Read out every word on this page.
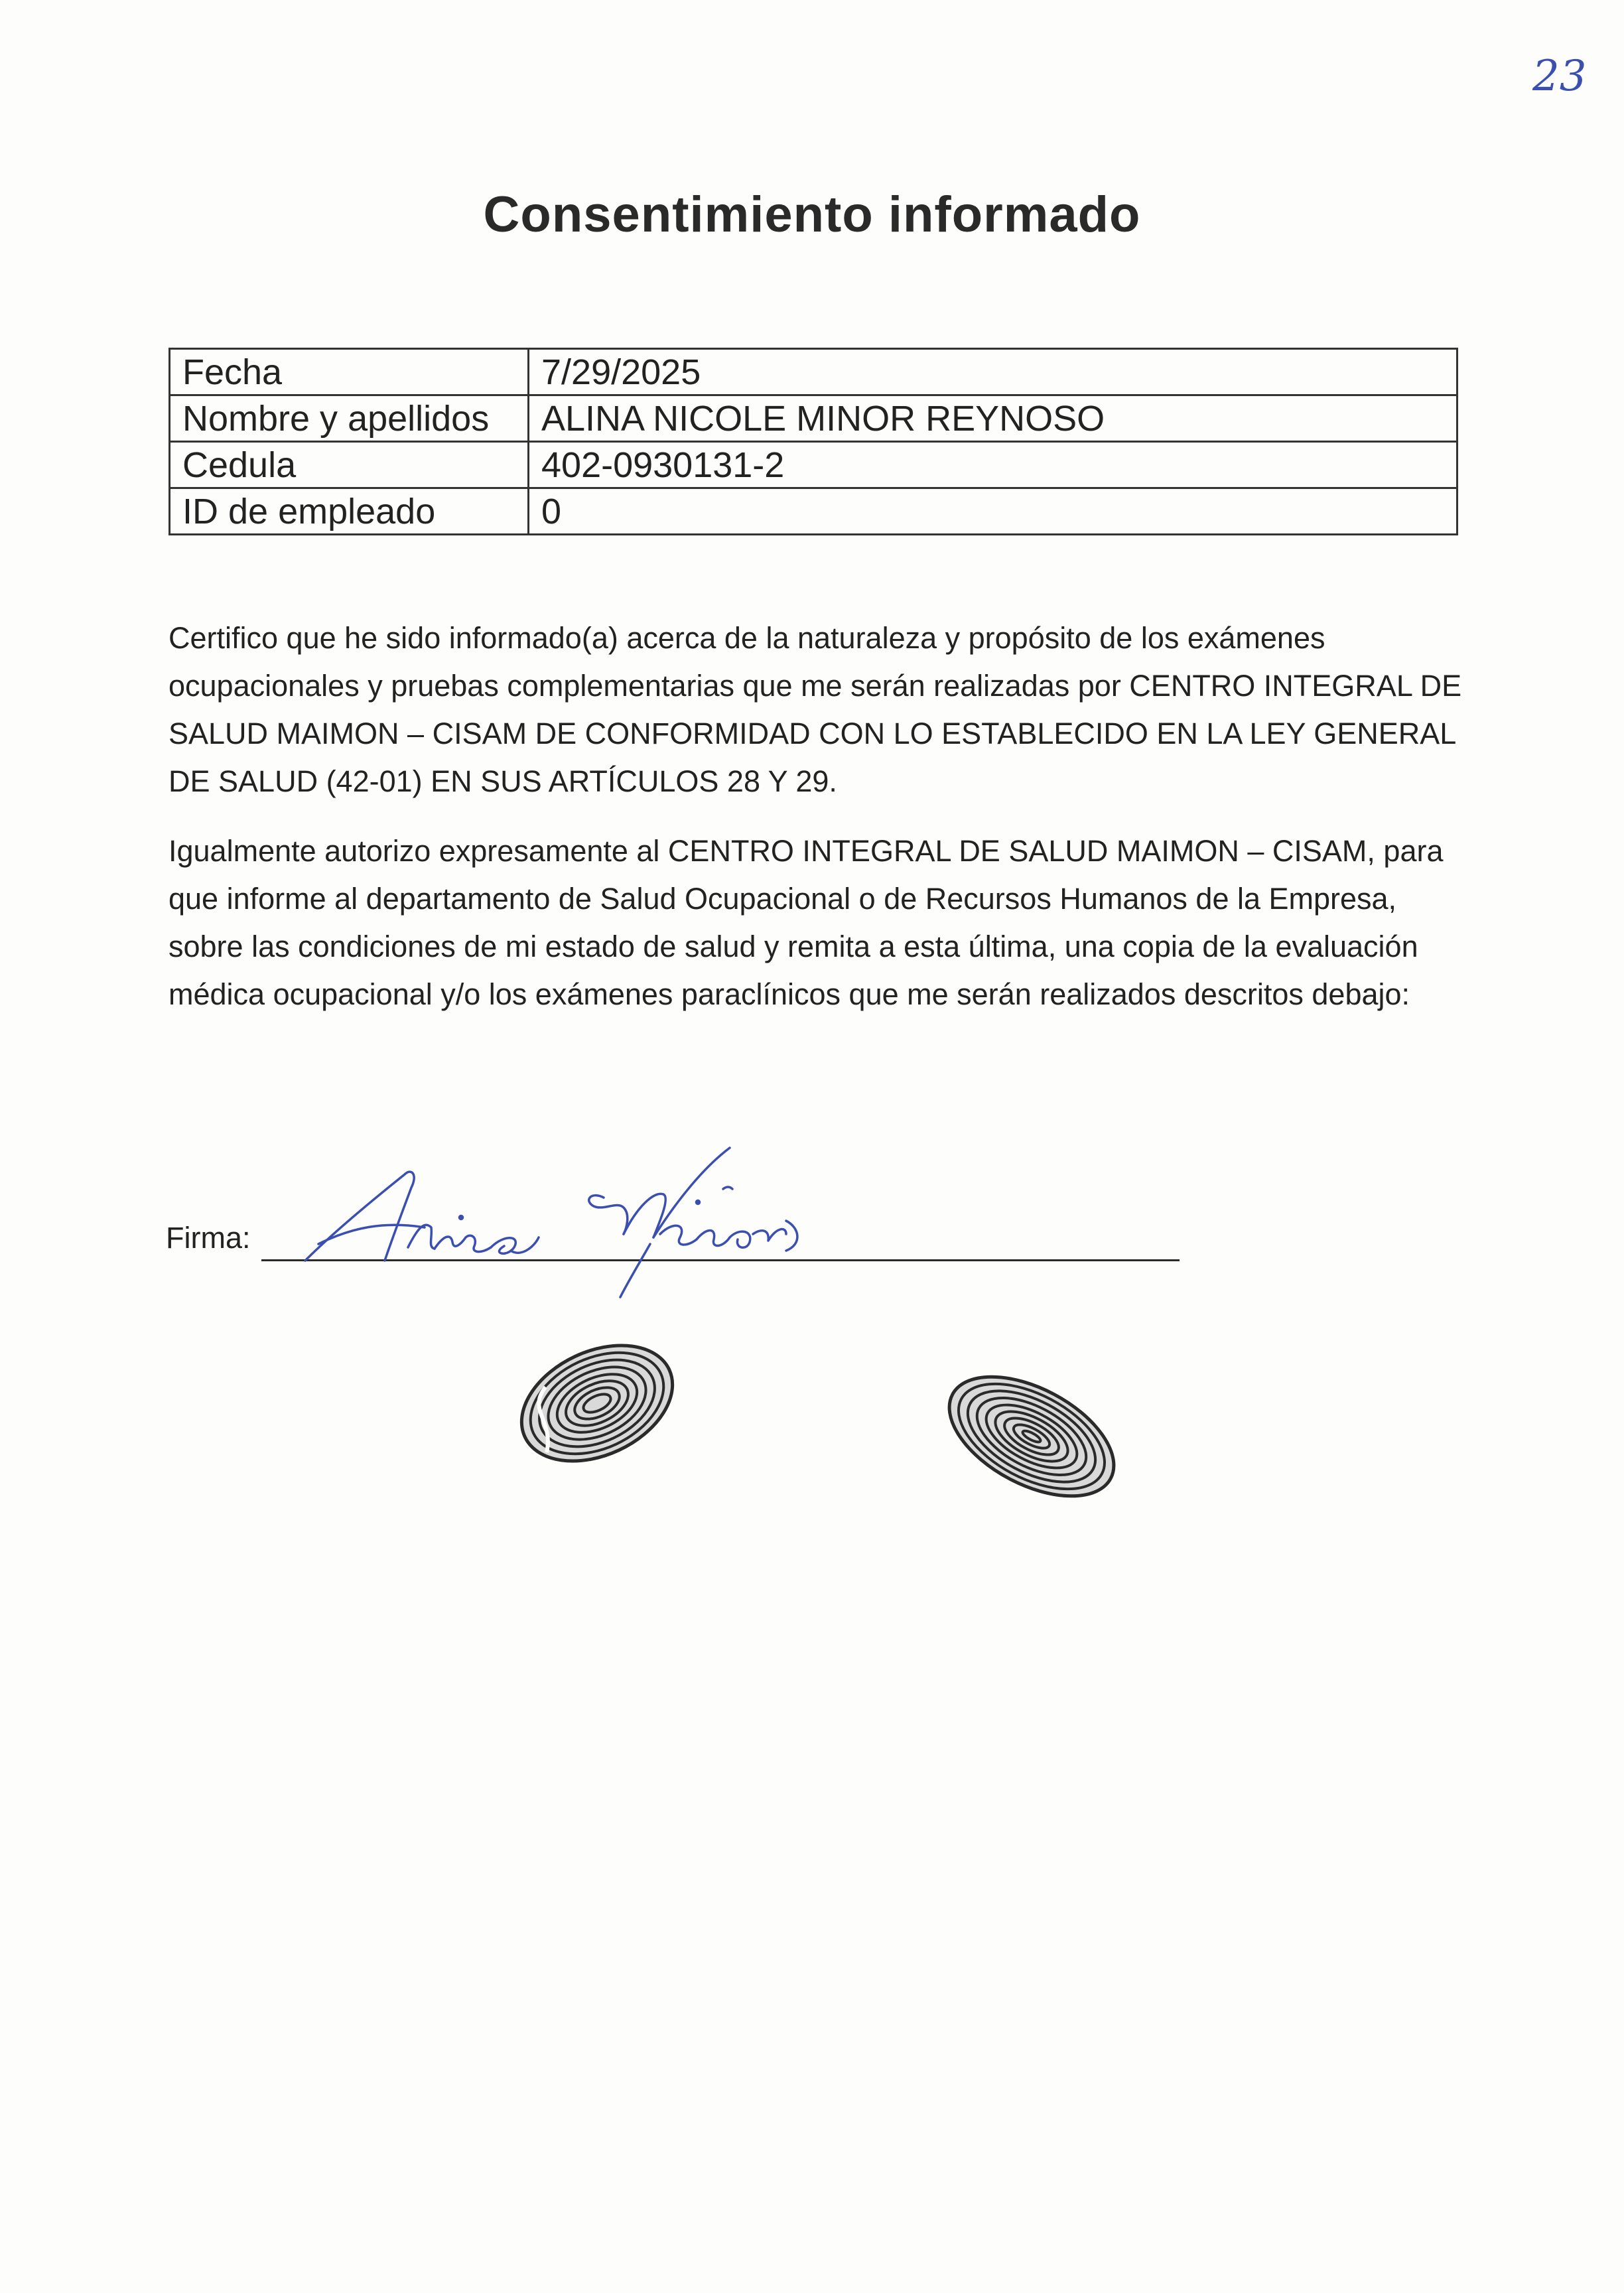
23
Consentimiento informado
Fecha	7/29/2025
Nombre y apellidos	ALINA NICOLE MINOR REYNOSO
Cedula	402-0930131-2
ID de empleado	0

Certifico que he sido informado(a) acerca de la naturaleza y propósito de los exámenes ocupacionales y pruebas complementarias que me serán realizadas por CENTRO INTEGRAL DE SALUD MAIMON – CISAM DE CONFORMIDAD CON LO ESTABLECIDO EN LA LEY GENERAL DE SALUD (42-01) EN SUS ARTÍCULOS 28 Y 29.

Igualmente autorizo expresamente al CENTRO INTEGRAL DE SALUD MAIMON – CISAM, para que informe al departamento de Salud Ocupacional o de Recursos Humanos de la Empresa, sobre las condiciones de mi estado de salud y remita a esta última, una copia de la evaluación médica ocupacional y/o los exámenes paraclínicos que me serán realizados descritos debajo:

Firma:
